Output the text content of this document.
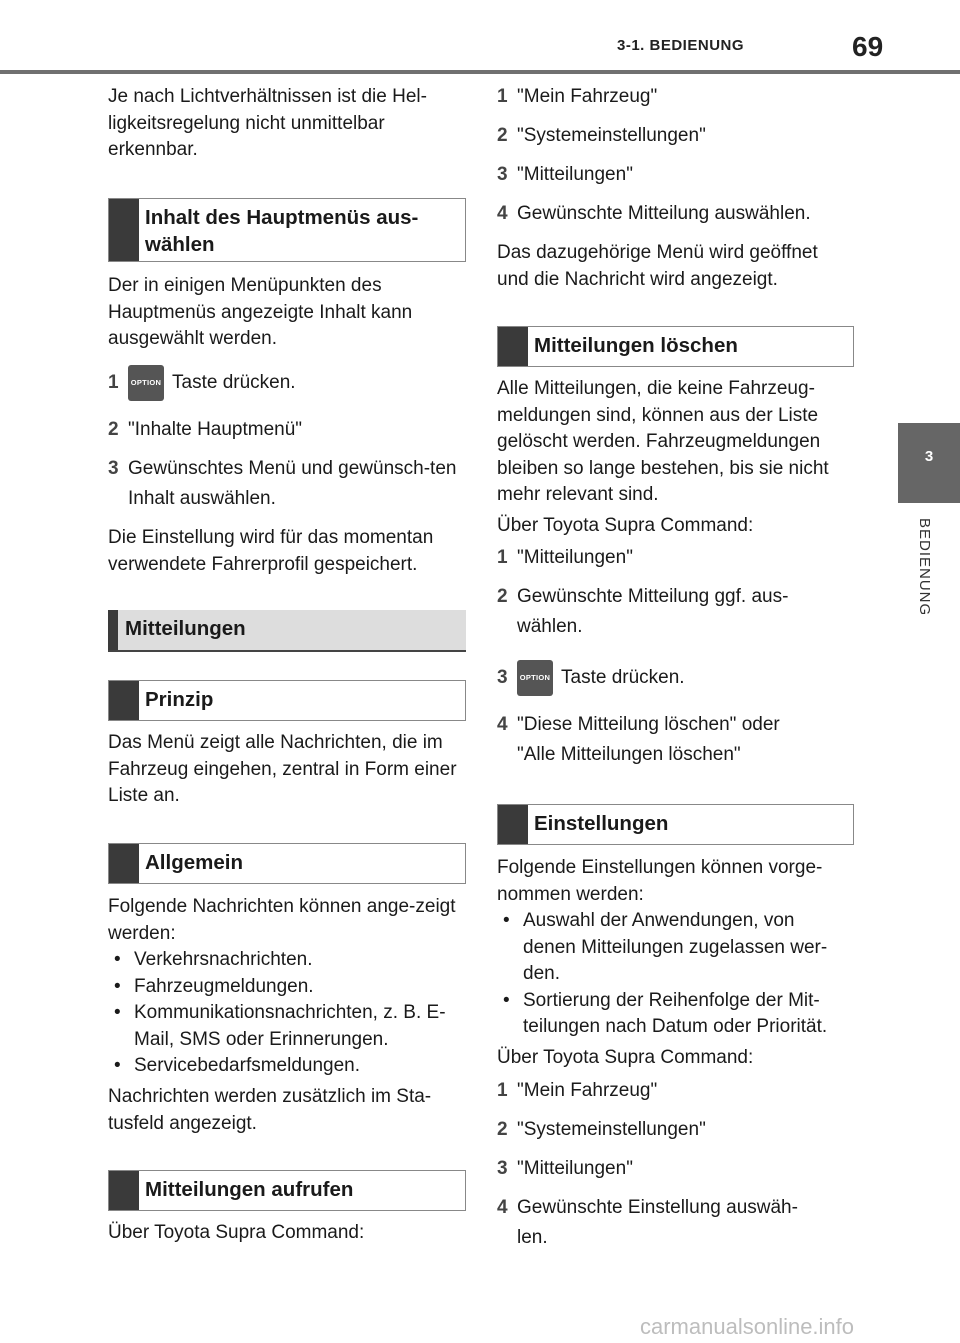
3-1. BEDIENUNG	69
3
BEDIENUNG
Je nach Lichtverhältnissen ist die Hel-ligkeitsregelung nicht unmittelbar erkennbar.
Inhalt des Hauptmenüs aus-wählen
Der in einigen Menüpunkten des Hauptmenüs angezeigte Inhalt kann ausgewählt werden.
1	OPTION Taste drücken.
2 "Inhalte Hauptmenü"
3 Gewünschtes Menü und gewünsch-ten Inhalt auswählen.
Die Einstellung wird für das momentan verwendete Fahrerprofil gespeichert.
Mitteilungen
Prinzip
Das Menü zeigt alle Nachrichten, die im Fahrzeug eingehen, zentral in Form einer Liste an.
Allgemein
Folgende Nachrichten können ange-zeigt werden:
• Verkehrsnachrichten.
• Fahrzeugmeldungen.
• Kommunikationsnachrichten, z. B. E-Mail, SMS oder Erinnerungen.
• Servicebedarfsmeldungen.
Nachrichten werden zusätzlich im Sta-tusfeld angezeigt.
Mitteilungen aufrufen
Über Toyota Supra Command:
1 "Mein Fahrzeug"
2 "Systemeinstellungen"
3 "Mitteilungen"
4 Gewünschte Mitteilung auswählen.
Das dazugehörige Menü wird geöffnet und die Nachricht wird angezeigt.
Mitteilungen löschen
Alle Mitteilungen, die keine Fahrzeug-meldungen sind, können aus der Liste gelöscht werden. Fahrzeugmeldungen bleiben so lange bestehen, bis sie nicht mehr relevant sind.
Über Toyota Supra Command:
1 "Mitteilungen"
2 Gewünschte Mitteilung ggf. aus-wählen.
3	OPTION Taste drücken.
4 "Diese Mitteilung löschen" oder "Alle Mitteilungen löschen"
Einstellungen
Folgende Einstellungen können vorge-nommen werden:
• Auswahl der Anwendungen, von denen Mitteilungen zugelassen wer-den.
• Sortierung der Reihenfolge der Mit-teilungen nach Datum oder Priorität.
Über Toyota Supra Command:
1 "Mein Fahrzeug"
2 "Systemeinstellungen"
3 "Mitteilungen"
4 Gewünschte Einstellung auswäh-len.
carmanualsonline.info
